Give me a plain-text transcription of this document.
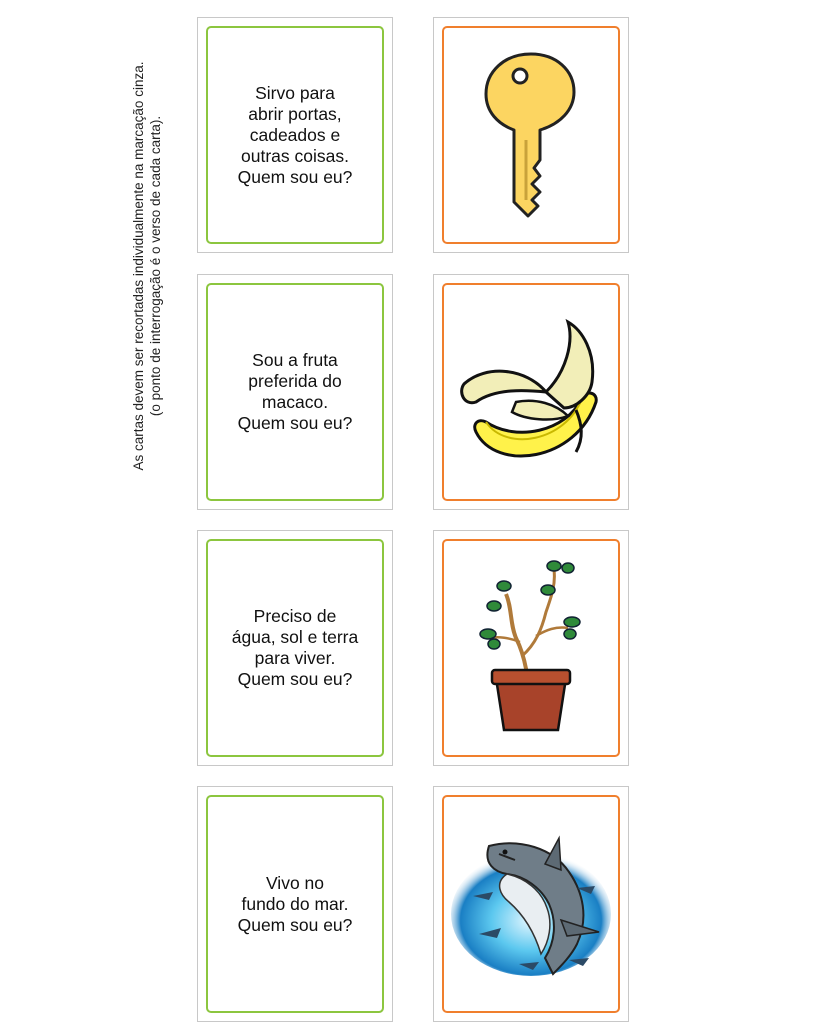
As cartas devem ser recortadas individualmente na marcação cinza. (o ponto de interrogação é o verso de cada carta).
Sirvo para
abrir portas,
cadeados e
outras coisas.
Quem sou eu?
Sou a fruta
preferida do
macaco.
Quem sou eu?
Preciso de
água, sol e terra
para viver.
Quem sou eu?
Vivo no
fundo do mar.
Quem sou eu?
